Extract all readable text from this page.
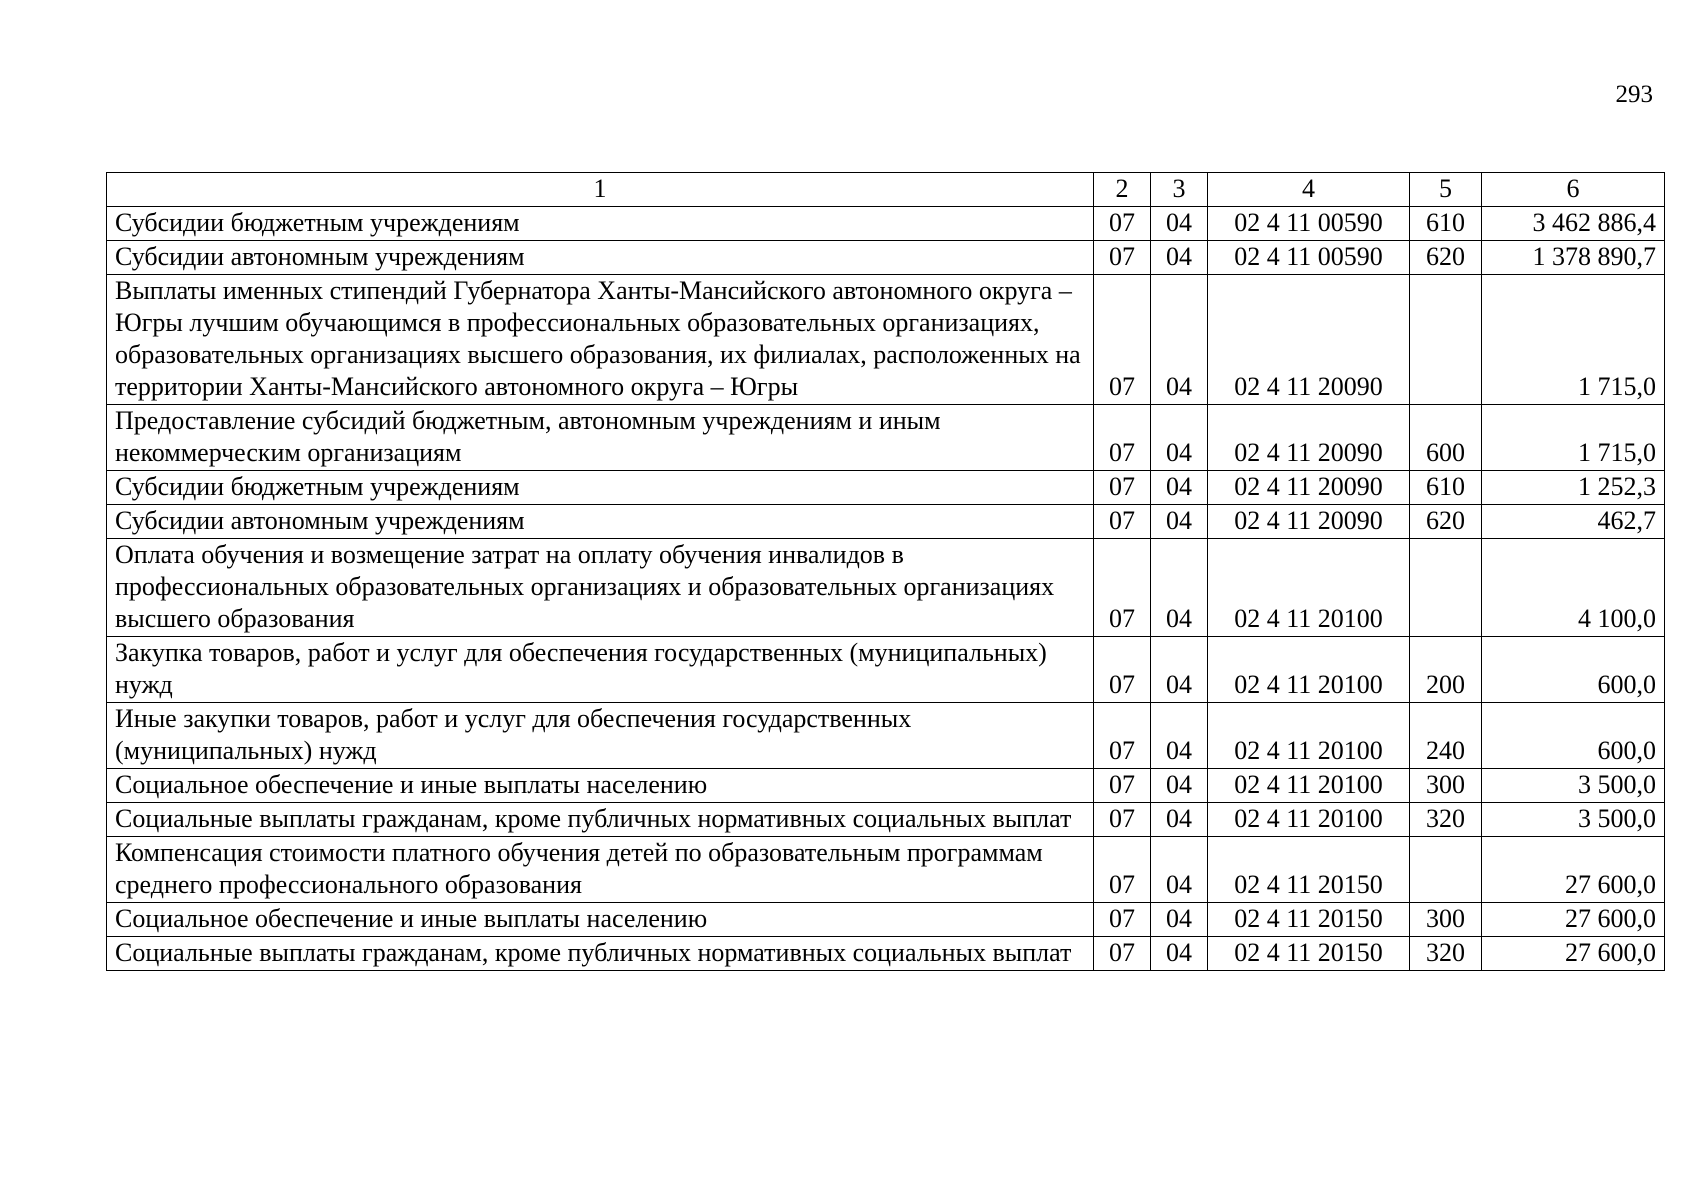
293
1	2	3	4	5	6
Субсидии бюджетным учреждениям	07	04	02 4 11 00590	610	3 462 886,4
Субсидии автономным учреждениям	07	04	02 4 11 00590	620	1 378 890,7
Выплаты именных стипендий Губернатора Ханты-Мансийского автономного округа – Югры лучшим обучающимся в профессиональных образовательных организациях, образовательных организациях высшего образования, их филиалах, расположенных на территории Ханты-Мансийского автономного округа – Югры	07	04	02 4 11 20090		1 715,0
Предоставление субсидий бюджетным, автономным учреждениям и иным некоммерческим организациям	07	04	02 4 11 20090	600	1 715,0
Субсидии бюджетным учреждениям	07	04	02 4 11 20090	610	1 252,3
Субсидии автономным учреждениям	07	04	02 4 11 20090	620	462,7
Оплата обучения и возмещение затрат на оплату обучения инвалидов в профессиональных образовательных организациях и образовательных организациях высшего образования	07	04	02 4 11 20100		4 100,0
Закупка товаров, работ и услуг для обеспечения государственных (муниципальных) нужд	07	04	02 4 11 20100	200	600,0
Иные закупки товаров, работ и услуг для обеспечения государственных (муниципальных) нужд	07	04	02 4 11 20100	240	600,0
Социальное обеспечение и иные выплаты населению	07	04	02 4 11 20100	300	3 500,0
Социальные выплаты гражданам, кроме публичных нормативных социальных выплат	07	04	02 4 11 20100	320	3 500,0
Компенсация стоимости платного обучения детей по образовательным программам среднего профессионального образования	07	04	02 4 11 20150		27 600,0
Социальное обеспечение и иные выплаты населению	07	04	02 4 11 20150	300	27 600,0
Социальные выплаты гражданам, кроме публичных нормативных социальных выплат	07	04	02 4 11 20150	320	27 600,0
